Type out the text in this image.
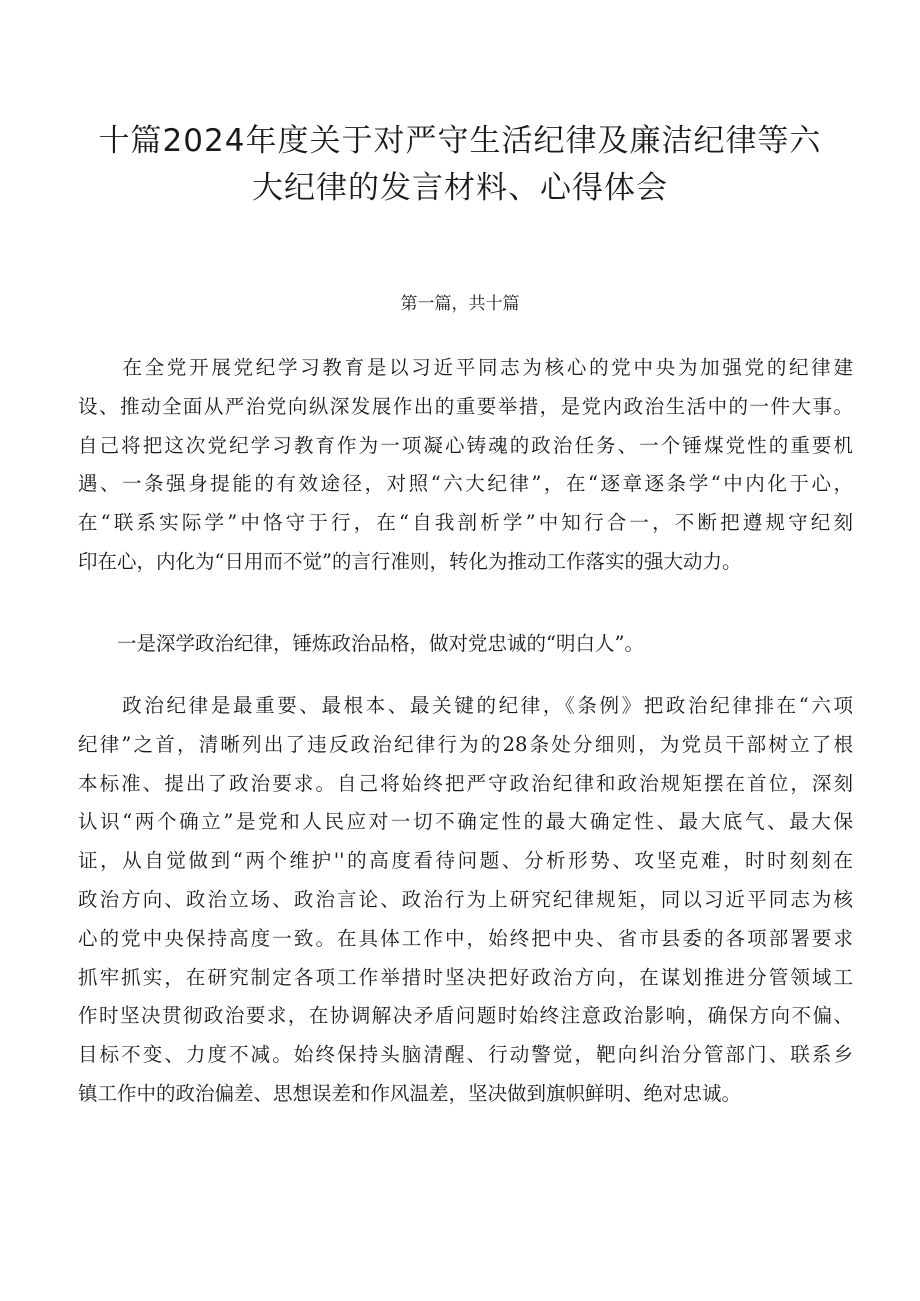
十篇2024年度关于对严守生活纪律及廉洁纪律等六
大纪律的发言材料、心得体会

第一篇，共十篇

　　在全党开展党纪学习教育是以习近平同志为核心的党中央为加强党的纪律建
设、推动全面从严治党向纵深发展作出的重要举措，是党内政治生活中的一件大事。
自己将把这次党纪学习教育作为一项凝心铸魂的政治任务、一个锤煤党性的重要机
遇、一条强身提能的有效途径，对照“六大纪律”，在“逐章逐条学“中内化于心，
在“联系实际学”中恪守于行，在“自我剖析学”中知行合一，不断把遵规守纪刻
印在心，内化为“日用而不觉”的言行准则，转化为推动工作落实的强大动力。
　　一是深学政治纪律，锤炼政治品格，做对党忠诚的“明白人”。
　　政治纪律是最重要、最根本、最关键的纪律，《条例》把政治纪律排在“六项
纪律”之首，清晰列出了违反政治纪律行为的28条处分细则，为党员干部树立了根
本标准、提出了政治要求。自己将始终把严守政治纪律和政治规矩摆在首位，深刻
认识“两个确立”是党和人民应对一切不确定性的最大确定性、最大底气、最大保
证，从自觉做到“两个维护''的高度看待问题、分析形势、攻坚克难，时时刻刻在
政治方向、政治立场、政治言论、政治行为上研究纪律规矩，同以习近平同志为核
心的党中央保持高度一致。在具体工作中，始终把中央、省市县委的各项部署要求
抓牢抓实，在研究制定各项工作举措时坚决把好政治方向，在谋划推进分管领域工
作时坚决贯彻政治要求，在协调解决矛盾问题时始终注意政治影响，确保方向不偏、
目标不变、力度不减。始终保持头脑清醒、行动警觉，靶向纠治分管部门、联系乡
镇工作中的政治偏差、思想误差和作风温差，坚决做到旗帜鲜明、绝对忠诚。
